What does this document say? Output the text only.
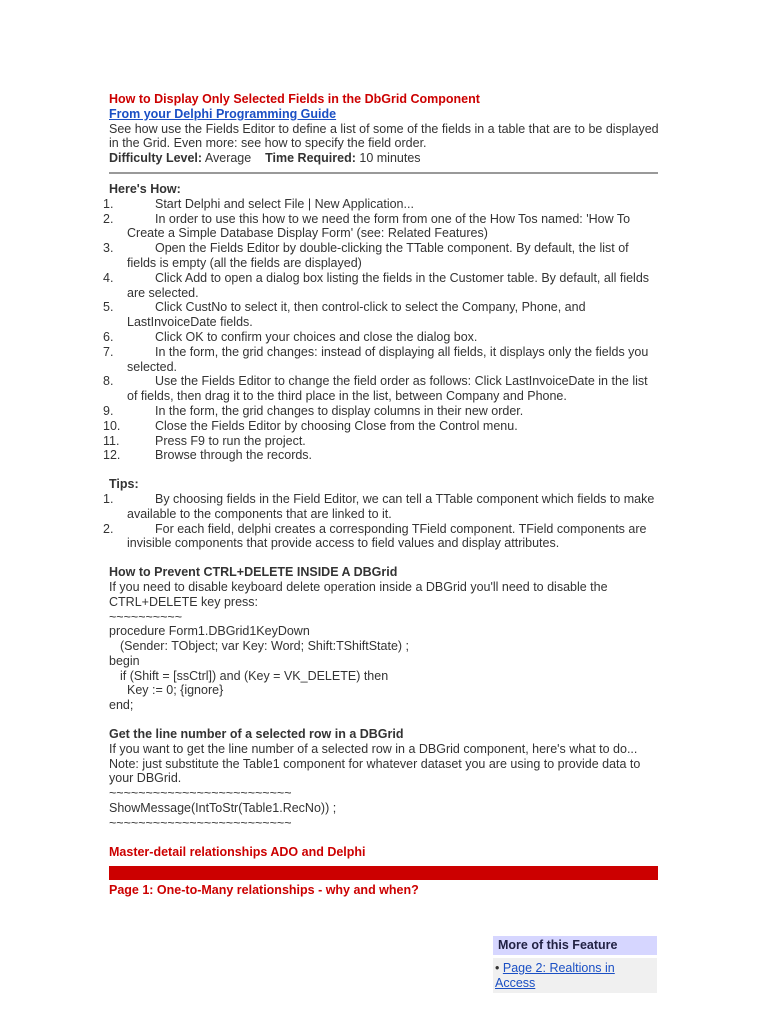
How to Display Only Selected Fields in the DbGrid Component
From your Delphi Programming Guide
See how use the Fields Editor to define a list of some of the fields in a table that are to be displayed in the Grid. Even more: see how to specify the field order.
Difficulty Level: Average Time Required: 10 minutes
Here's How:
1.	Start Delphi and select File | New Application...
2.	In order to use this how to we need the form from one of the How Tos named: 'How To Create a Simple Database Display Form' (see: Related Features)
3.	Open the Fields Editor by double-clicking the TTable component. By default, the list of fields is empty (all the fields are displayed)
4.	Click Add to open a dialog box listing the fields in the Customer table. By default, all fields are selected.
5.	Click CustNo to select it, then control-click to select the Company, Phone, and LastInvoiceDate fields.
6.	Click OK to confirm your choices and close the dialog box.
7.	In the form, the grid changes: instead of displaying all fields, it displays only the fields you selected.
8.	Use the Fields Editor to change the field order as follows: Click LastInvoiceDate in the list of fields, then drag it to the third place in the list, between Company and Phone.
9.	In the form, the grid changes to display columns in their new order.
10.	Close the Fields Editor by choosing Close from the Control menu.
11.	Press F9 to run the project.
12.	Browse through the records.
Tips:
1.	By choosing fields in the Field Editor, we can tell a TTable component which fields to make available to the components that are linked to it.
2.	For each field, delphi creates a corresponding TField component. TField components are invisible components that provide access to field values and display attributes.
How to Prevent CTRL+DELETE INSIDE A DBGrid
If you need to disable keyboard delete operation inside a DBGrid you'll need to disable the CTRL+DELETE key press:
~~~~~~~~~~
procedure Form1.DBGrid1KeyDown
(Sender: TObject; var Key: Word; Shift:TShiftState) ;
begin
if (Shift = [ssCtrl]) and (Key = VK_DELETE) then
Key := 0; {ignore}
end;
Get the line number of a selected row in a DBGrid
If you want to get the line number of a selected row in a DBGrid component, here's what to do... Note: just substitute the Table1 component for whatever dataset you are using to provide data to your DBGrid.
~~~~~~~~~~~~~~~~~~~~~~~~~
ShowMessage(IntToStr(Table1.RecNo)) ;
~~~~~~~~~~~~~~~~~~~~~~~~~
Master-detail relationships ADO and Delphi
Page 1: One-to-Many relationships - why and when?
More of this Feature
• Page 2: Realtions in Access
